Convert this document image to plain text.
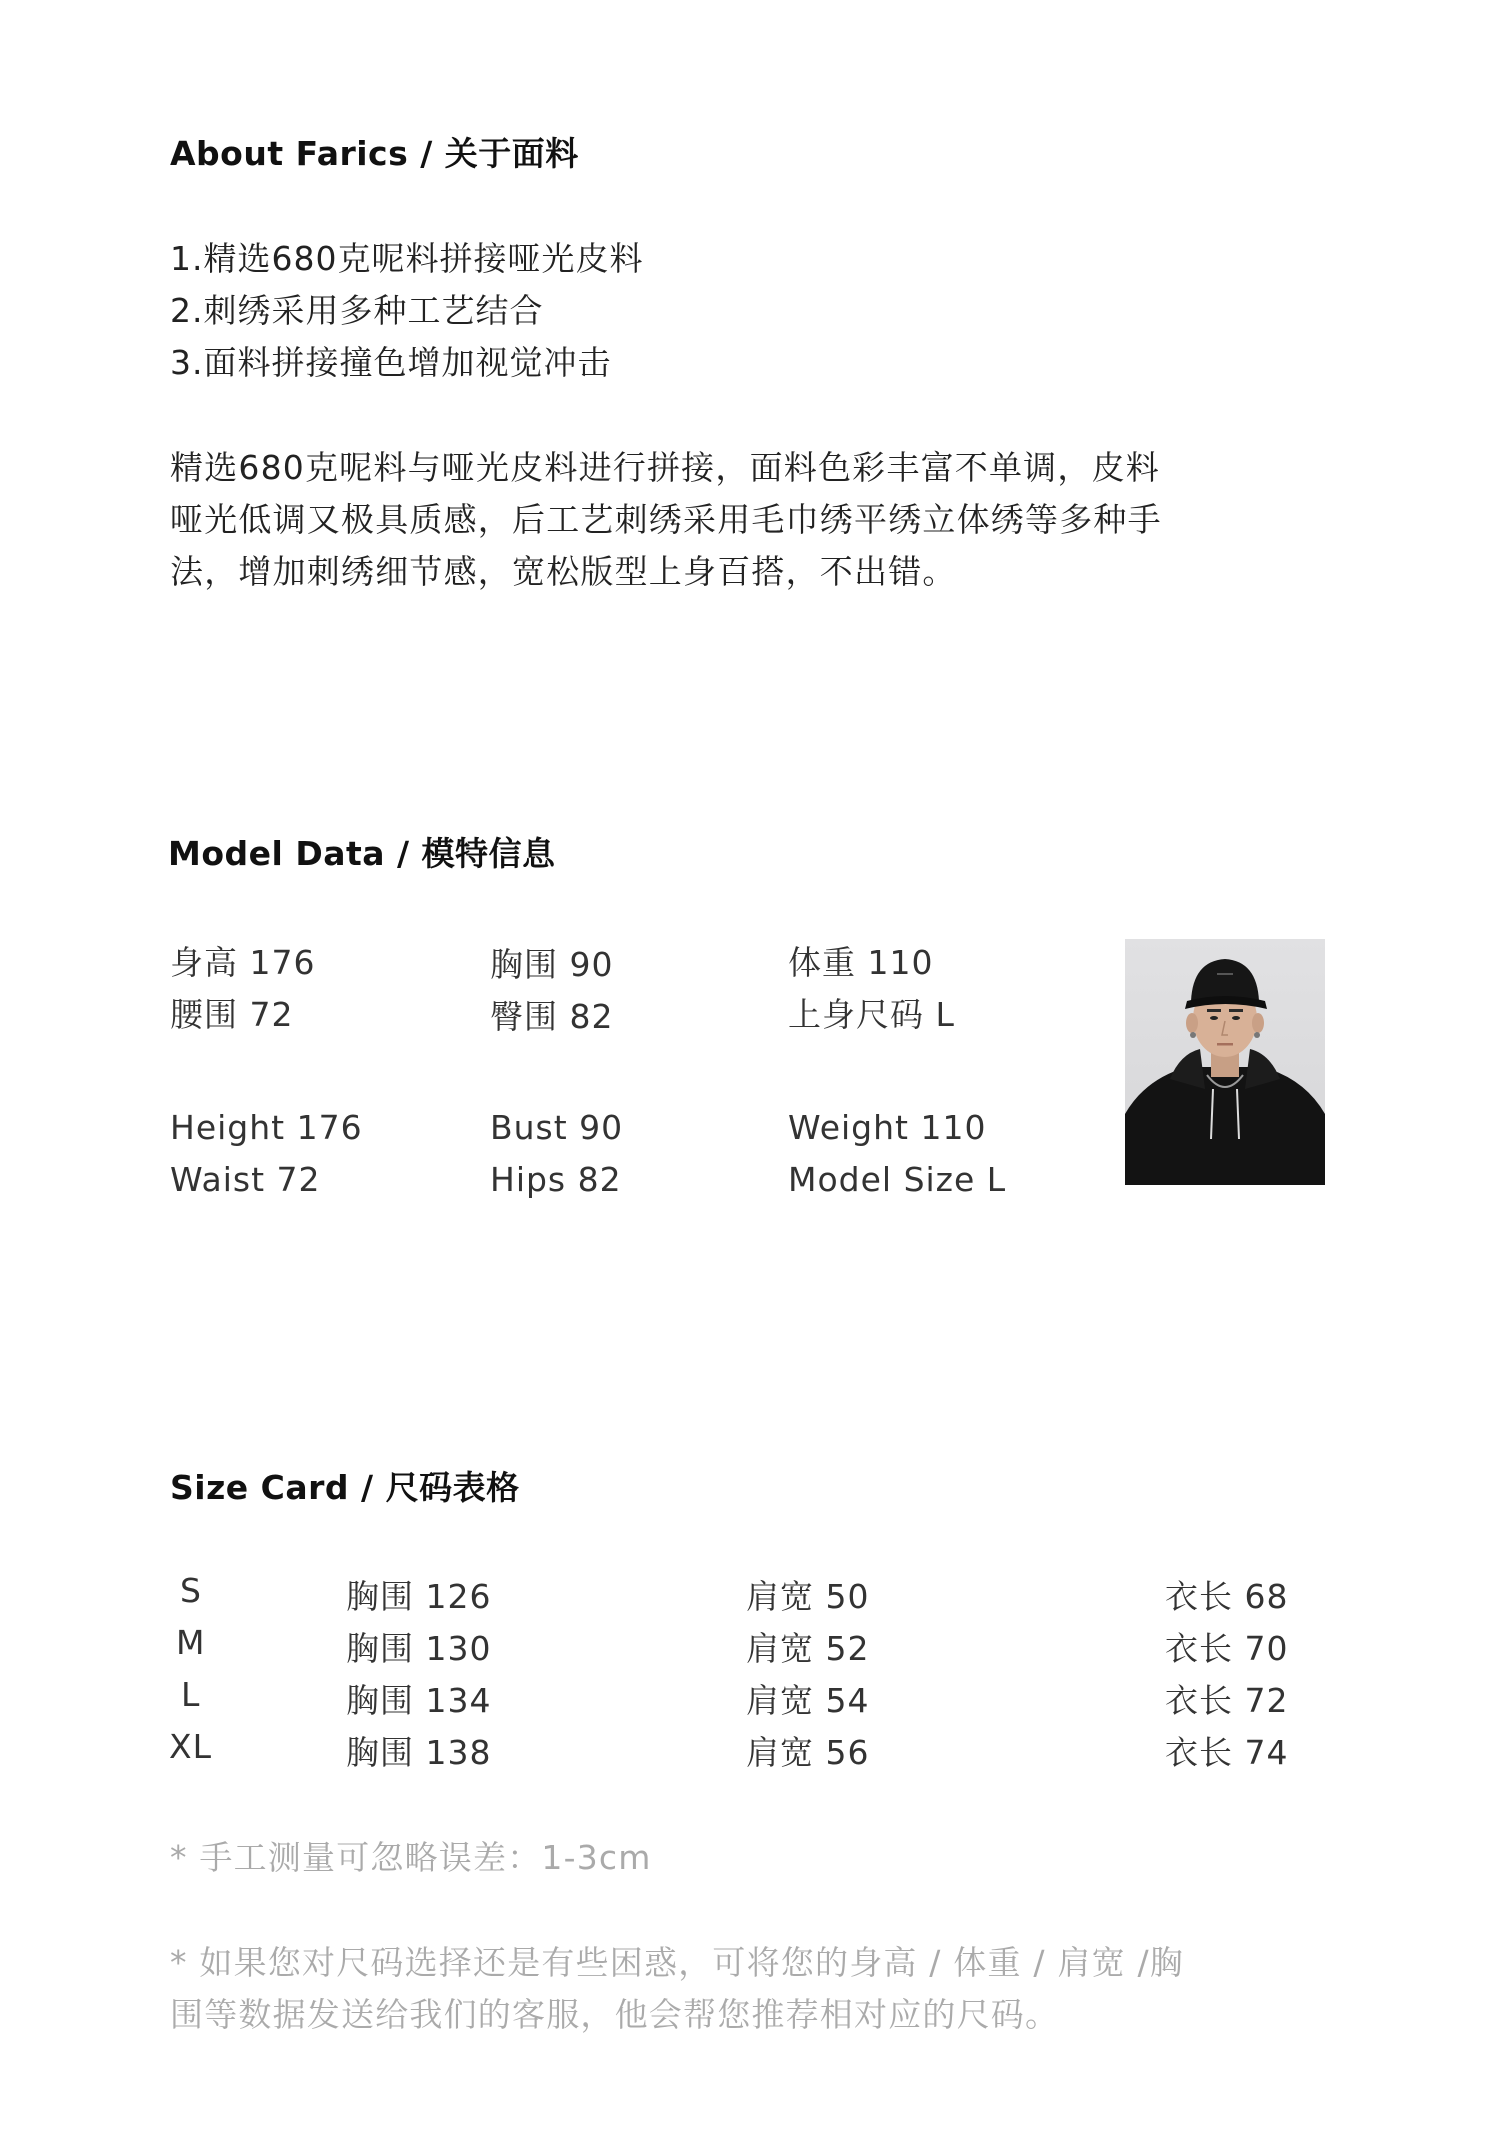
About Farics / 关于面料
1.精选680克呢料拼接哑光皮料
2.刺绣采用多种工艺结合
3.面料拼接撞色增加视觉冲击
精选680克呢料与哑光皮料进行拼接，面料色彩丰富不单调，皮料
哑光低调又极具质感，后工艺刺绣采用毛巾绣平绣立体绣等多种手
法，增加刺绣细节感，宽松版型上身百搭，不出错。
Model Data / 模特信息
身高 176	胸围 90	体重 110
腰围 72	臀围 82	上身尺码 L
Height 176	Bust 90	Weight 110
Waist 72	Hips 82	Model Size L
Size Card / 尺码表格
S	胸围 126	肩宽 50	衣长 68
M	胸围 130	肩宽 52	衣长 70
L	胸围 134	肩宽 54	衣长 72
XL	胸围 138	肩宽 56	衣长 74
* 手工测量可忽略误差：1-3cm
* 如果您对尺码选择还是有些困惑，可将您的身高 / 体重 / 肩宽 /胸
围等数据发送给我们的客服，他会帮您推荐相对应的尺码。
